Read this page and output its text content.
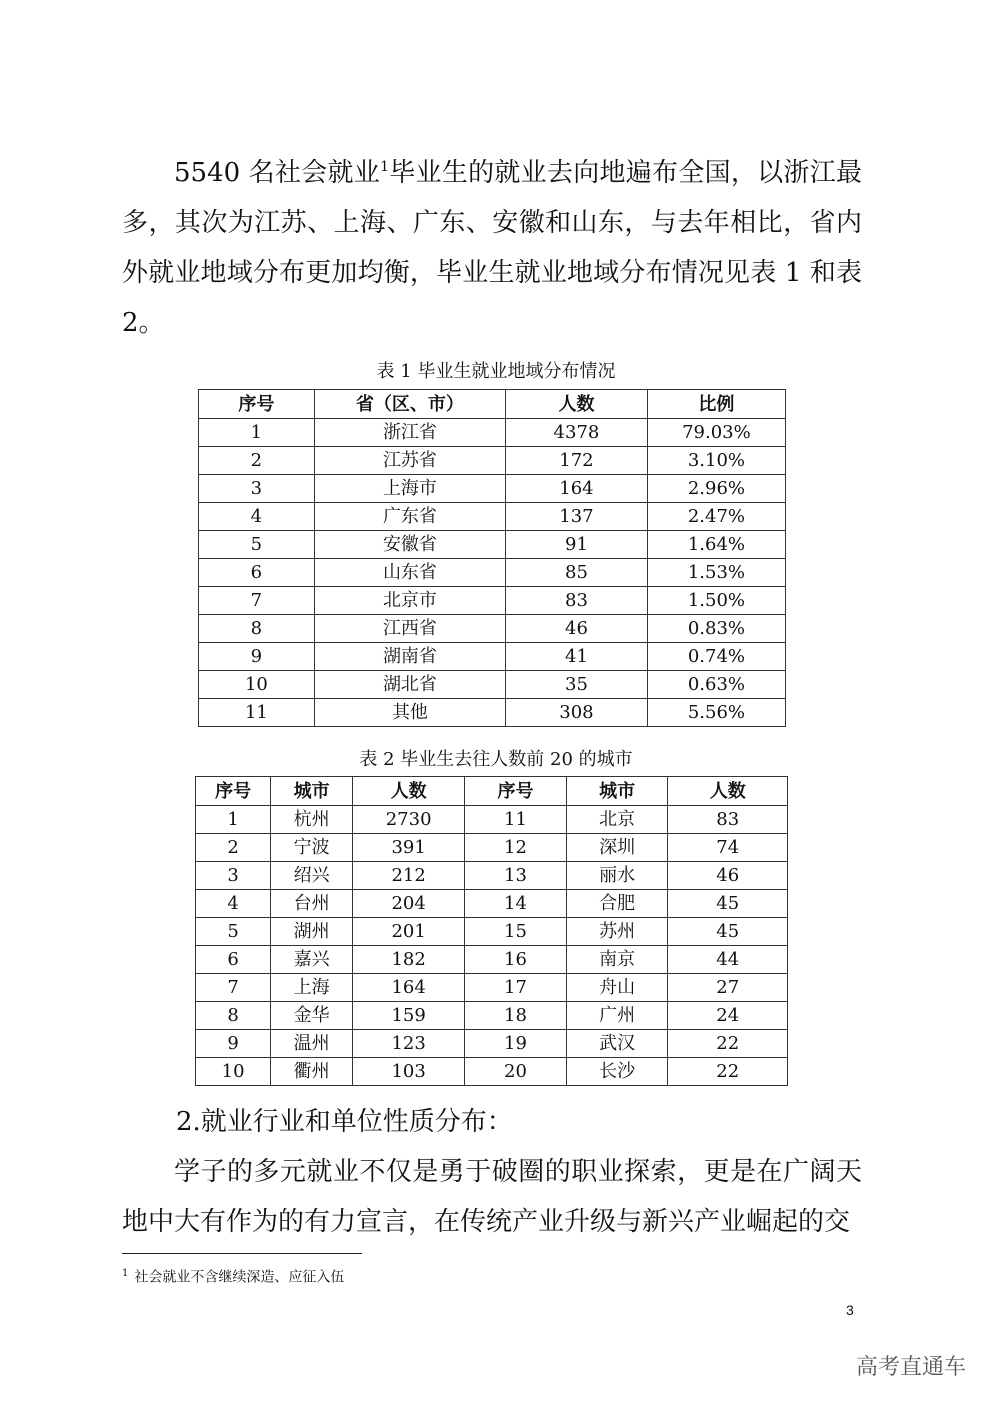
5540 名社会就业$^1$毕业生的就业去向地遍布全国，以浙江最多，其次为江苏、上海、广东、安徽和山东，与去年相比，省内外就业地域分布更加均衡，毕业生就业地域分布情况见表 1 和表 2。

表 1 毕业生就业地域分布情况
序号	省（区、市）	人数	比例
1	浙江省	4378	79.03%
2	江苏省	172	3.10%
3	上海市	164	2.96%
4	广东省	137	2.47%
5	安徽省	91	1.64%
6	山东省	85	1.53%
7	北京市	83	1.50%
8	江西省	46	0.83%
9	湖南省	41	0.74%
10	湖北省	35	0.63%
11	其他	308	5.56%
表 2 毕业生去往人数前 20 的城市
序号	城市	人数	序号	城市	人数
1	杭州	2730	11	北京	83
2	宁波	391	12	深圳	74
3	绍兴	212	13	丽水	46
4	台州	204	14	合肥	45
5	湖州	201	15	苏州	45
6	嘉兴	182	16	南京	44
7	上海	164	17	舟山	27
8	金华	159	18	广州	24
9	温州	123	19	武汉	22
10	衢州	103	20	长沙	22
2.就业行业和单位性质分布：

学子的多元就业不仅是勇于破圈的职业探索，更是在广阔天地中大有作为的有力宣言，在传统产业升级与新兴产业崛起的交

$^1$ 社会就业不含继续深造、应征入伍
3
高考直通车
